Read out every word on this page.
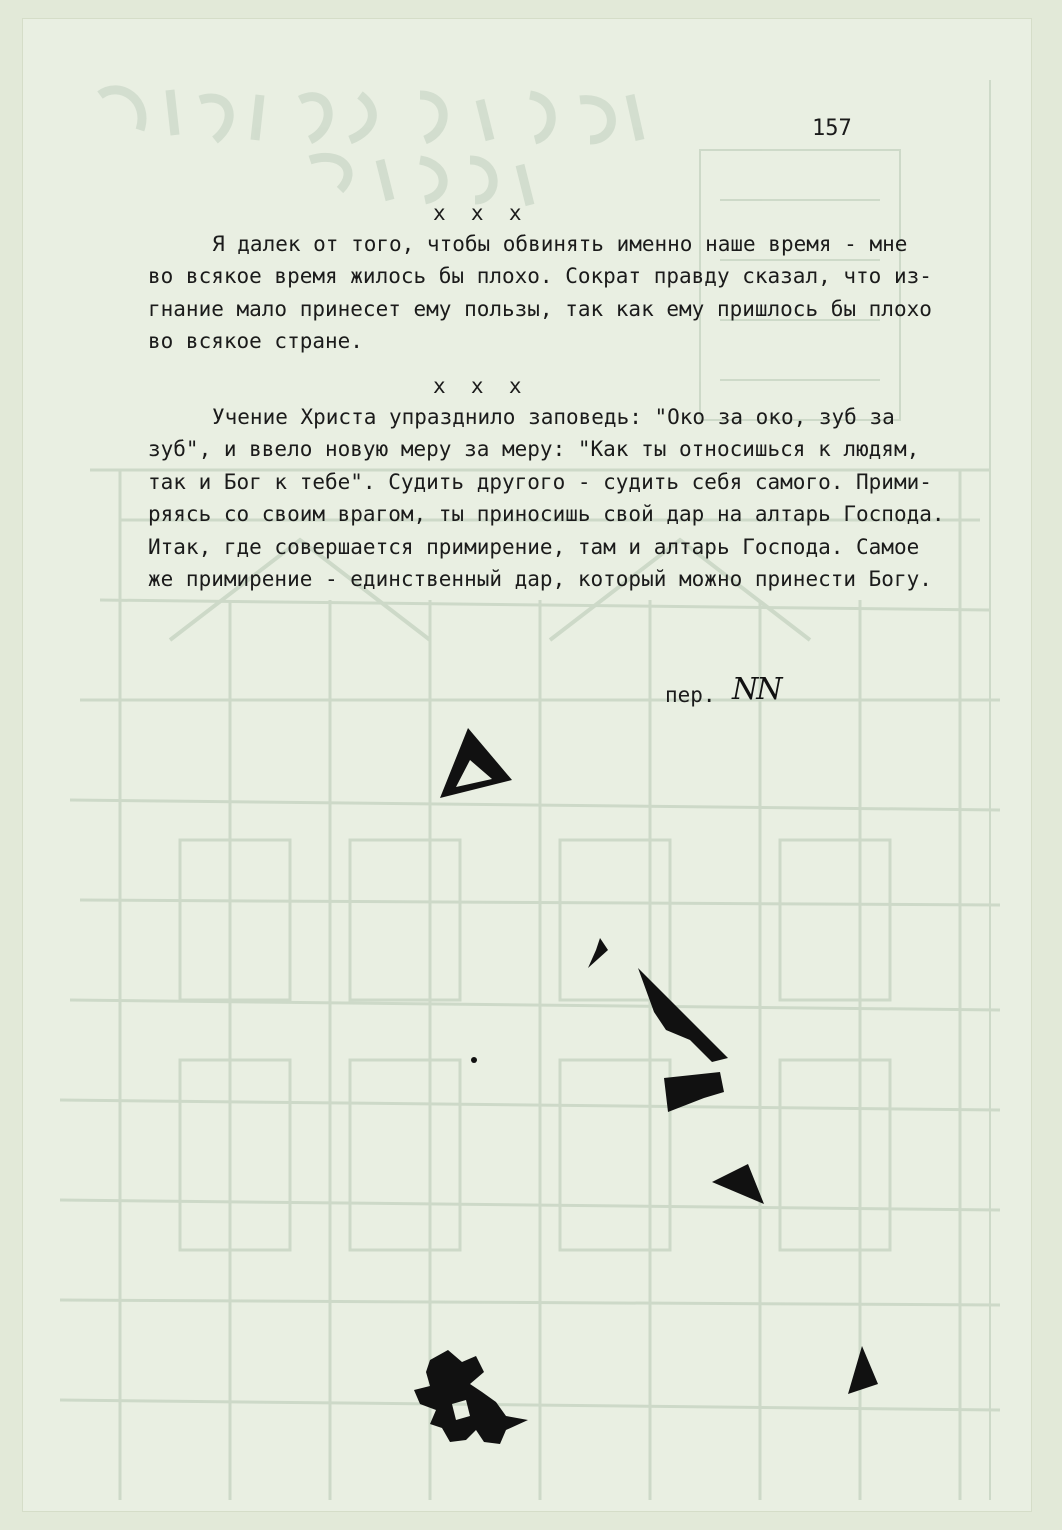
157
x  x  x
Я далек от того, чтобы обвинять именно наше время - мне
во всякое время жилось бы плохо. Сократ правду сказал, что из-
гнание мало принесет ему пользы, так как ему пришлось бы плохо
во всякое стране.
x  x  x
Учение Христа упразднило заповедь: "Око за око, зуб за
зуб", и ввело новую меру за меру: "Как ты относишься к людям,
так и Бог к тебе". Судить другого - судить себя самого. Прими-
ряясь со своим врагом, ты приносишь свой дар на алтарь Господа.
Итак, где совершается примирение, там и алтарь Господа. Самое
же примирение - единственный дар, который можно принести Богу.
пер. NN
